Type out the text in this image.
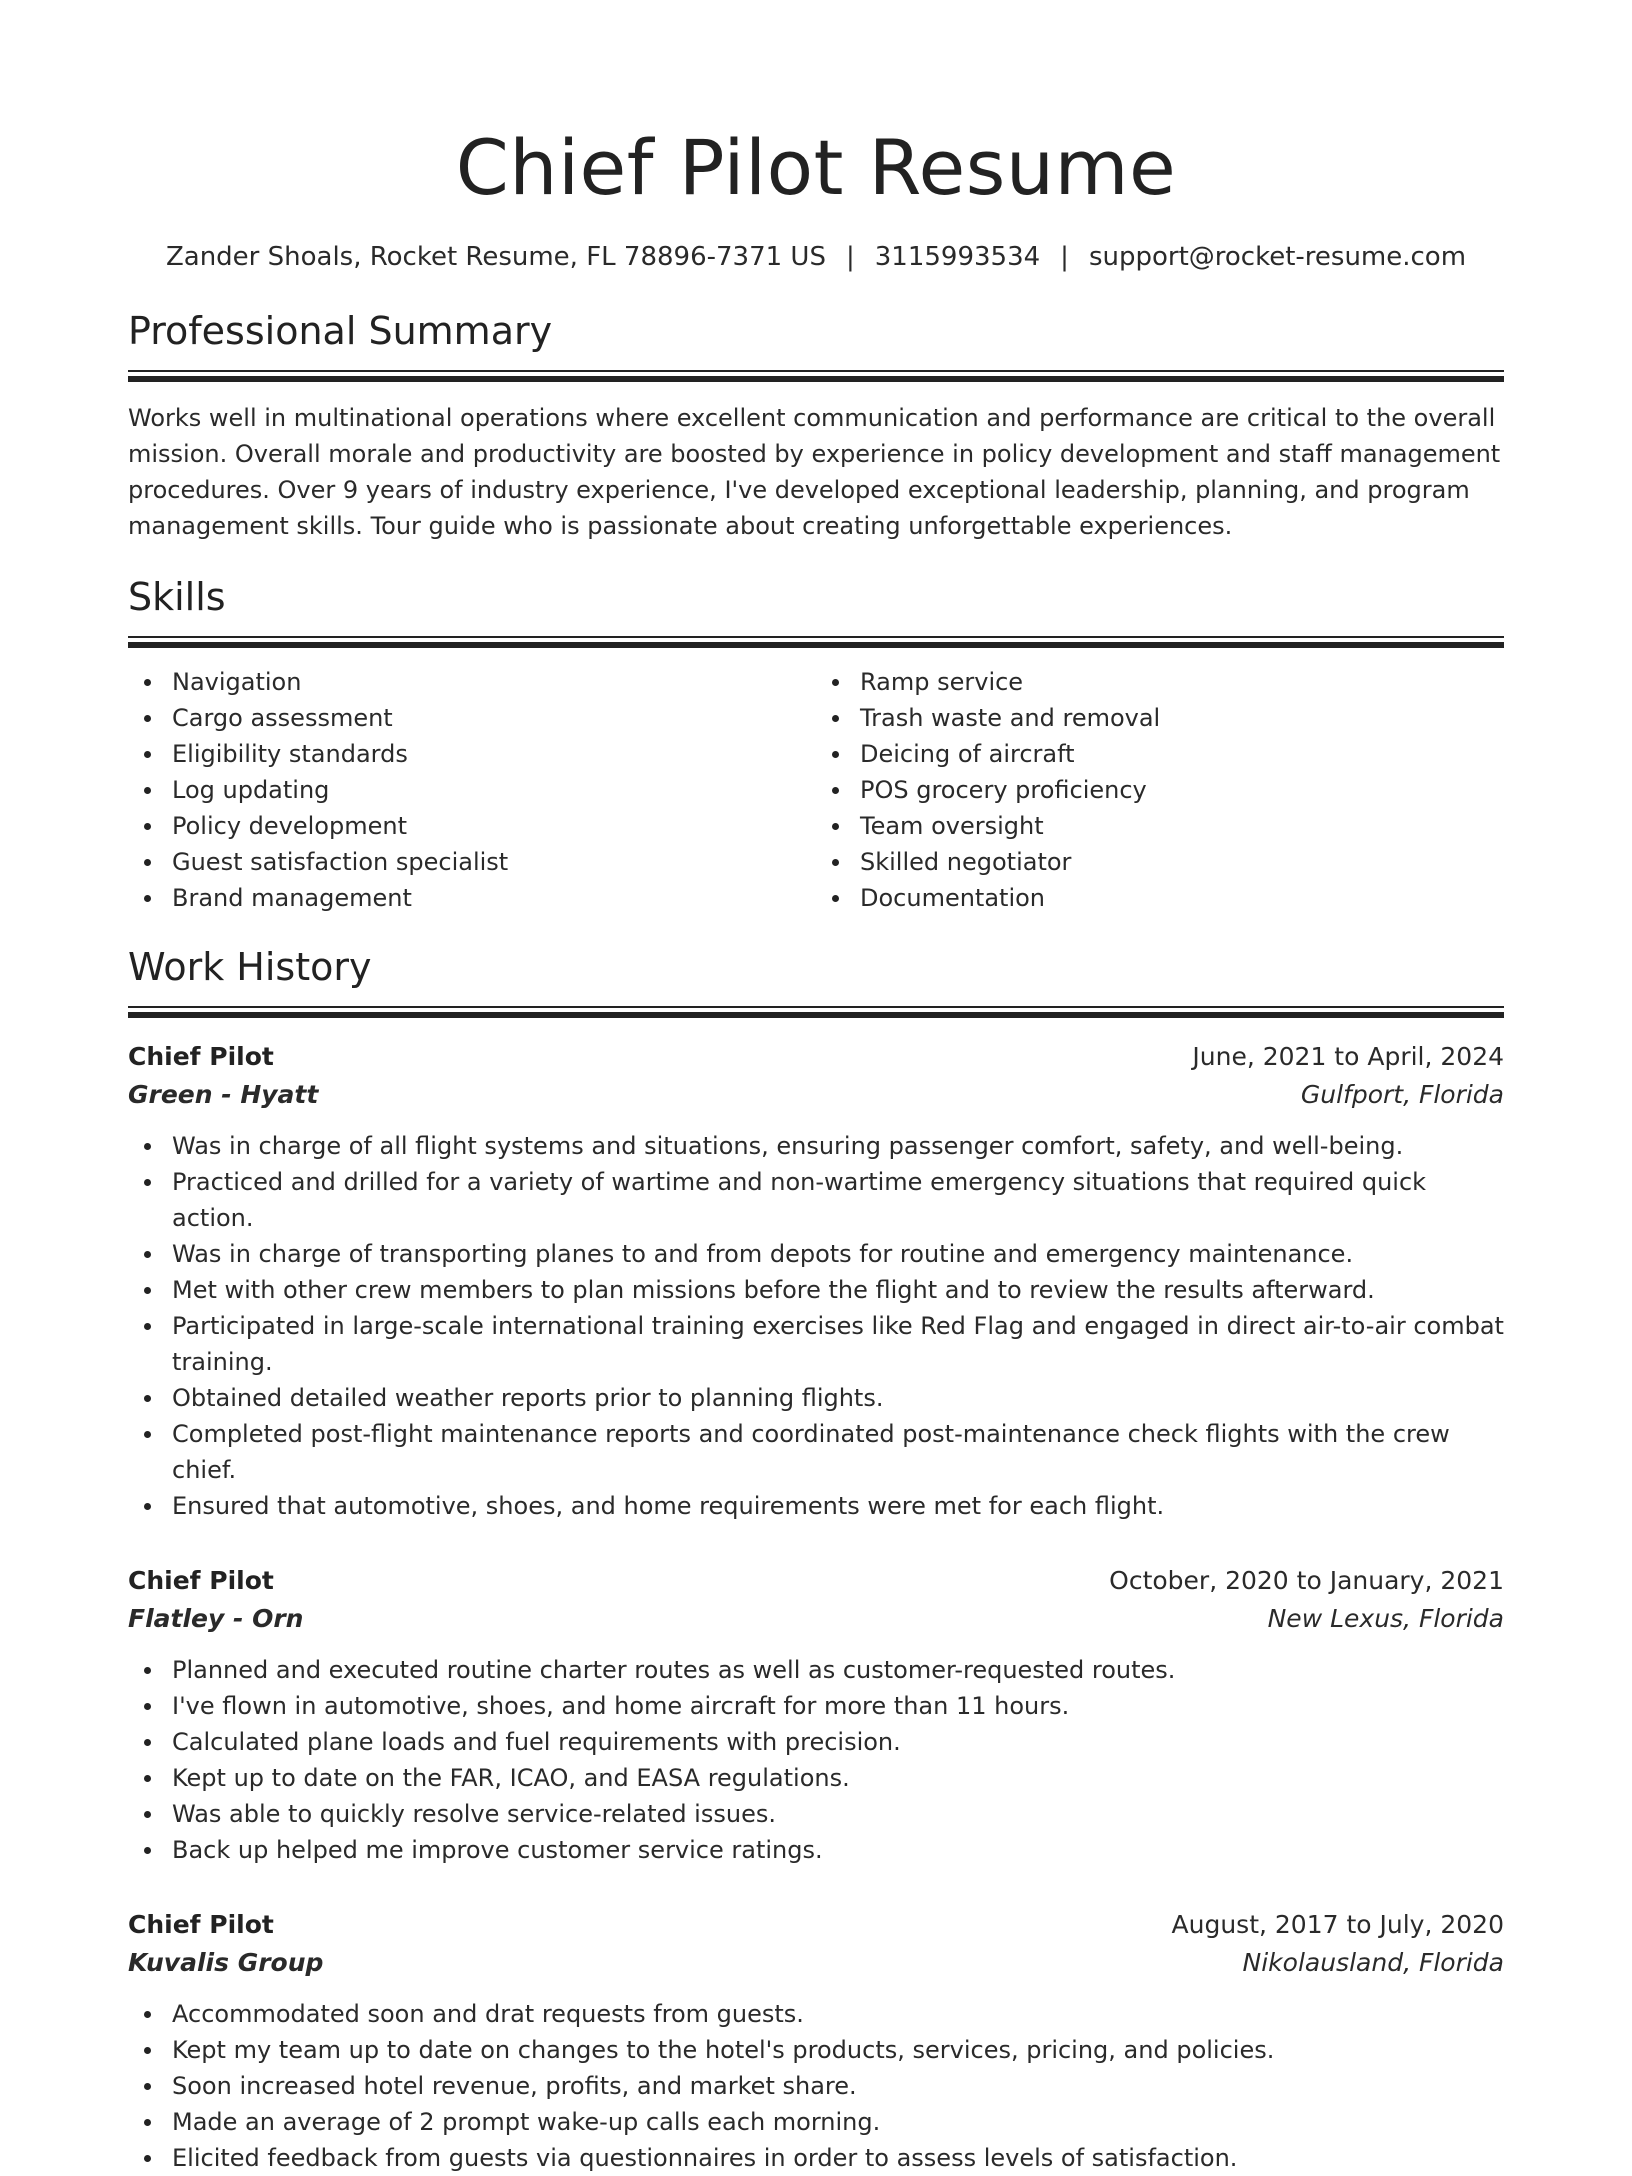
Chief Pilot Resume
Zander Shoals, Rocket Resume, FL 78896-7371 US | 3115993534 | support@rocket-resume.com
Professional Summary

Works well in multinational operations where excellent communication and performance are critical to the overall mission. Overall morale and productivity are boosted by experience in policy development and staff management procedures. Over 9 years of industry experience, I've developed exceptional leadership, planning, and program management skills. Tour guide who is passionate about creating unforgettable experiences.

Skills
Navigation
Cargo assessment
Eligibility standards
Log updating
Policy development
Guest satisfaction specialist
Brand management
Ramp service
Trash waste and removal
Deicing of aircraft
POS grocery proficiency
Team oversight
Skilled negotiator
Documentation
Work History
Chief Pilot	June, 2021 to April, 2024
Green - Hyatt	Gulfport, Florida
Was in charge of all flight systems and situations, ensuring passenger comfort, safety, and well-being.
Practiced and drilled for a variety of wartime and non-wartime emergency situations that required quick action.
Was in charge of transporting planes to and from depots for routine and emergency maintenance.
Met with other crew members to plan missions before the flight and to review the results afterward.
Participated in large-scale international training exercises like Red Flag and engaged in direct air-to-air combat training.
Obtained detailed weather reports prior to planning flights.
Completed post-flight maintenance reports and coordinated post-maintenance check flights with the crew chief.
Ensured that automotive, shoes, and home requirements were met for each flight.
Chief Pilot	October, 2020 to January, 2021
Flatley - Orn	New Lexus, Florida
Planned and executed routine charter routes as well as customer-requested routes.
I've flown in automotive, shoes, and home aircraft for more than 11 hours.
Calculated plane loads and fuel requirements with precision.
Kept up to date on the FAR, ICAO, and EASA regulations.
Was able to quickly resolve service-related issues.
Back up helped me improve customer service ratings.
Chief Pilot	August, 2017 to July, 2020
Kuvalis Group	Nikolausland, Florida
Accommodated soon and drat requests from guests.
Kept my team up to date on changes to the hotel's products, services, pricing, and policies.
Soon increased hotel revenue, profits, and market share.
Made an average of 2 prompt wake-up calls each morning.
Elicited feedback from guests via questionnaires in order to assess levels of satisfaction.
